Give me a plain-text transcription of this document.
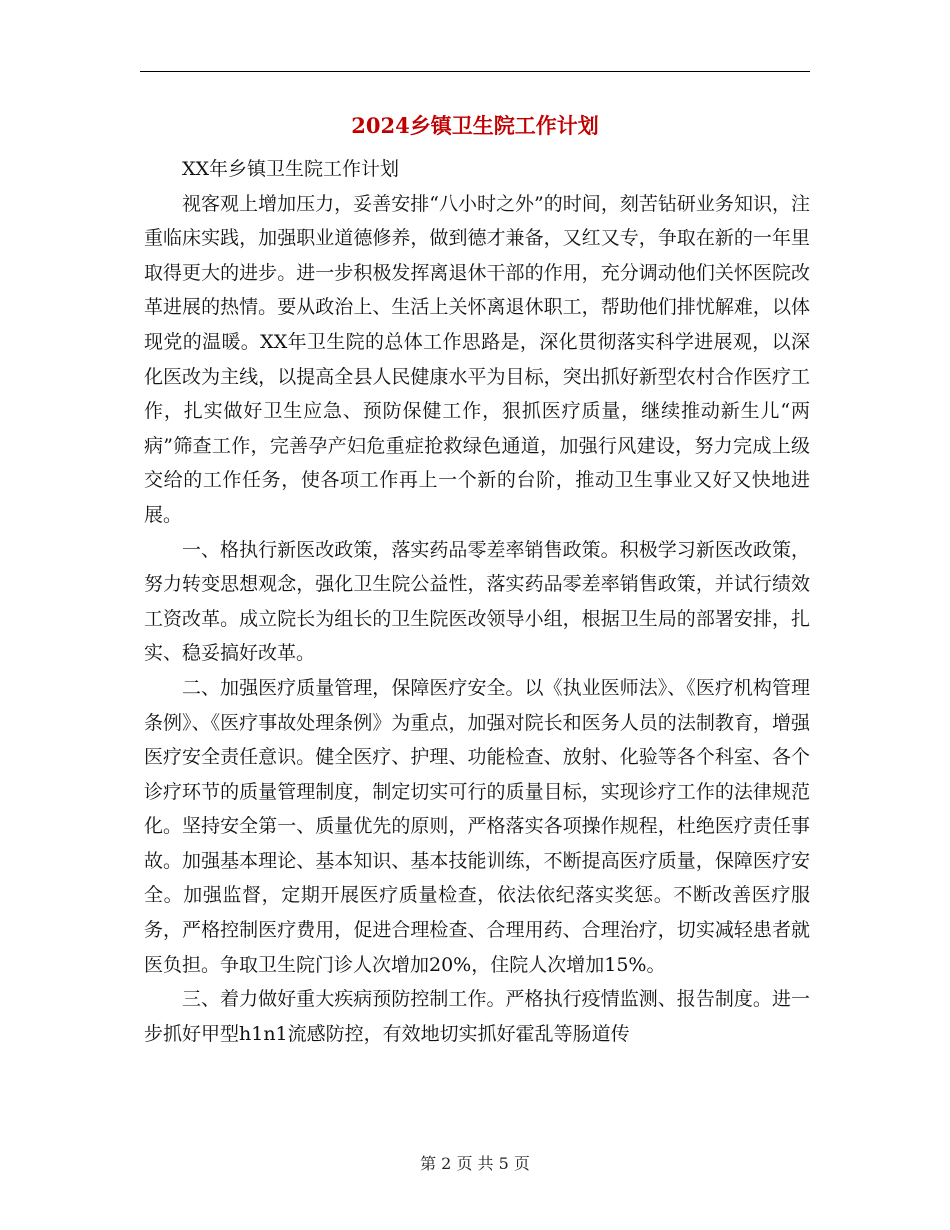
2024乡镇卫生院工作计划

XX年乡镇卫生院工作计划

视客观上增加压力，妥善安排“八小时之外”的时间，刻苦钻研业务知识，注重临床实践，加强职业道德修养，做到德才兼备，又红又专，争取在新的一年里取得更大的进步。进一步积极发挥离退休干部的作用，充分调动他们关怀医院改革进展的热情。要从政治上、生活上关怀离退休职工，帮助他们排忧解难，以体现党的温暖。XX年卫生院的总体工作思路是，深化贯彻落实科学进展观，以深化医改为主线，以提高全县人民健康水平为目标，突出抓好新型农村合作医疗工作，扎实做好卫生应急、预防保健工作，狠抓医疗质量，继续推动新生儿“两病”筛查工作，完善孕产妇危重症抢救绿色通道，加强行风建设，努力完成上级交给的工作任务，使各项工作再上一个新的台阶，推动卫生事业又好又快地进展。

一、格执行新医改政策，落实药品零差率销售政策。积极学习新医改政策，努力转变思想观念，强化卫生院公益性，落实药品零差率销售政策，并试行绩效工资改革。成立院长为组长的卫生院医改领导小组，根据卫生局的部署安排，扎实、稳妥搞好改革。

二、加强医疗质量管理，保障医疗安全。以《执业医师法》、《医疗机构管理条例》、《医疗事故处理条例》为重点，加强对院长和医务人员的法制教育，增强医疗安全责任意识。健全医疗、护理、功能检查、放射、化验等各个科室、各个诊疗环节的质量管理制度，制定切实可行的质量目标，实现诊疗工作的法律规范化。坚持安全第一、质量优先的原则，严格落实各项操作规程，杜绝医疗责任事故。加强基本理论、基本知识、基本技能训练，不断提高医疗质量，保障医疗安全。加强监督，定期开展医疗质量检查，依法依纪落实奖惩。不断改善医疗服务，严格控制医疗费用，促进合理检查、合理用药、合理治疗，切实减轻患者就医负担。争取卫生院门诊人次增加20%，住院人次增加15%。

三、着力做好重大疾病预防控制工作。严格执行疫情监测、报告制度。进一步抓好甲型h1n1流感防控，有效地切实抓好霍乱等肠道传

第 2 页 共 5 页
